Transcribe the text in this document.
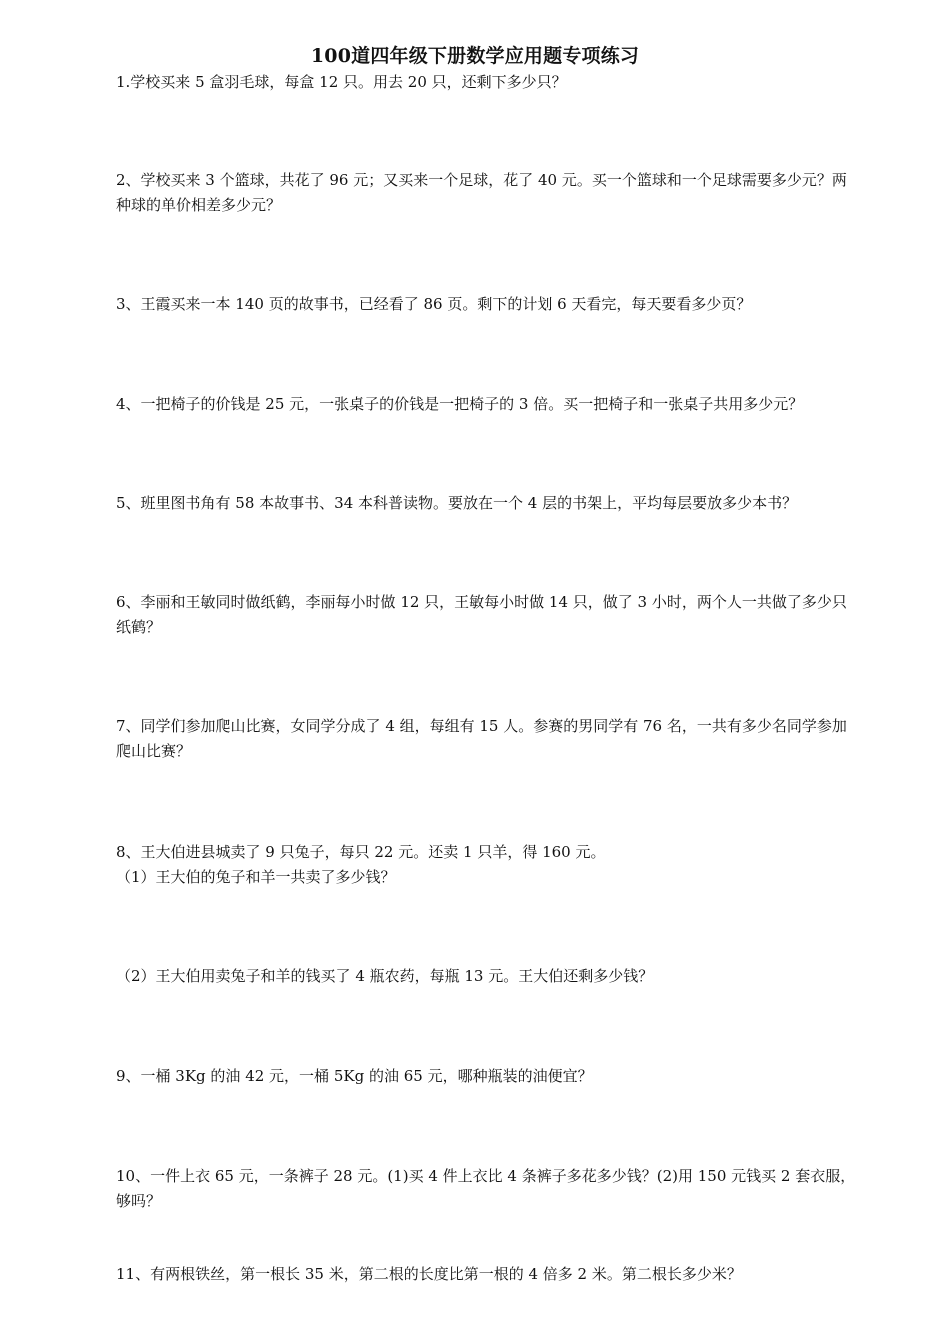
100道四年级下册数学应用题专项练习

1.学校买来 5 盒羽毛球，每盒 12 只。用去 20 只，还剩下多少只？

2、学校买来 3 个篮球，共花了 96 元；又买来一个足球，花了 40 元。买一个篮球和一个足球需要多少元？两种球的单价相差多少元？

3、王霞买来一本 140 页的故事书，已经看了 86 页。剩下的计划 6 天看完，每天要看多少页？

4、一把椅子的价钱是 25 元，一张桌子的价钱是一把椅子的 3 倍。买一把椅子和一张桌子共用多少元？

5、班里图书角有 58 本故事书、34 本科普读物。要放在一个 4 层的书架上，平均每层要放多少本书？

6、李丽和王敏同时做纸鹤，李丽每小时做 12 只，王敏每小时做 14 只，做了 3 小时，两个人一共做了多少只纸鹤？

7、同学们参加爬山比赛，女同学分成了 4 组，每组有 15 人。参赛的男同学有 76 名，一共有多少名同学参加爬山比赛？

8、王大伯进县城卖了 9 只兔子，每只 22 元。还卖 1 只羊，得 160 元。

（1）王大伯的兔子和羊一共卖了多少钱？

（2）王大伯用卖兔子和羊的钱买了 4 瓶农药，每瓶 13 元。王大伯还剩多少钱？

9、一桶 3Kg 的油 42 元，一桶 5Kg 的油 65 元，哪种瓶装的油便宜？

10、一件上衣 65 元，一条裤子 28 元。(1)买 4 件上衣比 4 条裤子多花多少钱？(2)用 150 元钱买 2 套衣服，够吗？

11、有两根铁丝，第一根长 35 米，第二根的长度比第一根的 4 倍多 2 米。第二根长多少米？
